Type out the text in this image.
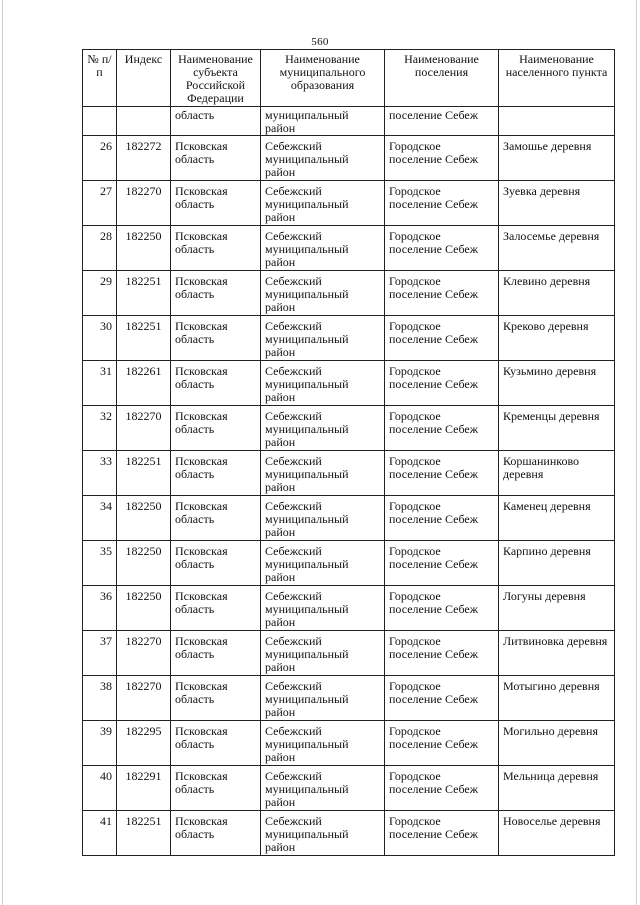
560
№ п/п	Индекс	Наименование субъекта Российской Федерации	Наименование муниципального образования	Наименование поселения	Наименование населенного пункта
		область	муниципальный район	поселение Себеж	
26	182272	Псковская область	Себежский муниципальный район	Городское поселение Себеж	Замошье деревня
27	182270	Псковская область	Себежский муниципальный район	Городское поселение Себеж	Зуевка деревня
28	182250	Псковская область	Себежский муниципальный район	Городское поселение Себеж	Залосемье деревня
29	182251	Псковская область	Себежский муниципальный район	Городское поселение Себеж	Клевино деревня
30	182251	Псковская область	Себежский муниципальный район	Городское поселение Себеж	Креково деревня
31	182261	Псковская область	Себежский муниципальный район	Городское поселение Себеж	Кузьмино деревня
32	182270	Псковская область	Себежский муниципальный район	Городское поселение Себеж	Кременцы деревня
33	182251	Псковская область	Себежский муниципальный район	Городское поселение Себеж	Коршанинково деревня
34	182250	Псковская область	Себежский муниципальный район	Городское поселение Себеж	Каменец деревня
35	182250	Псковская область	Себежский муниципальный район	Городское поселение Себеж	Карпино деревня
36	182250	Псковская область	Себежский муниципальный район	Городское поселение Себеж	Логуны деревня
37	182270	Псковская область	Себежский муниципальный район	Городское поселение Себеж	Литвиновка деревня
38	182270	Псковская область	Себежский муниципальный район	Городское поселение Себеж	Мотыгино деревня
39	182295	Псковская область	Себежский муниципальный район	Городское поселение Себеж	Могильно деревня
40	182291	Псковская область	Себежский муниципальный район	Городское поселение Себеж	Мельница деревня
41	182251	Псковская область	Себежский муниципальный район	Городское поселение Себеж	Новоселье деревня
